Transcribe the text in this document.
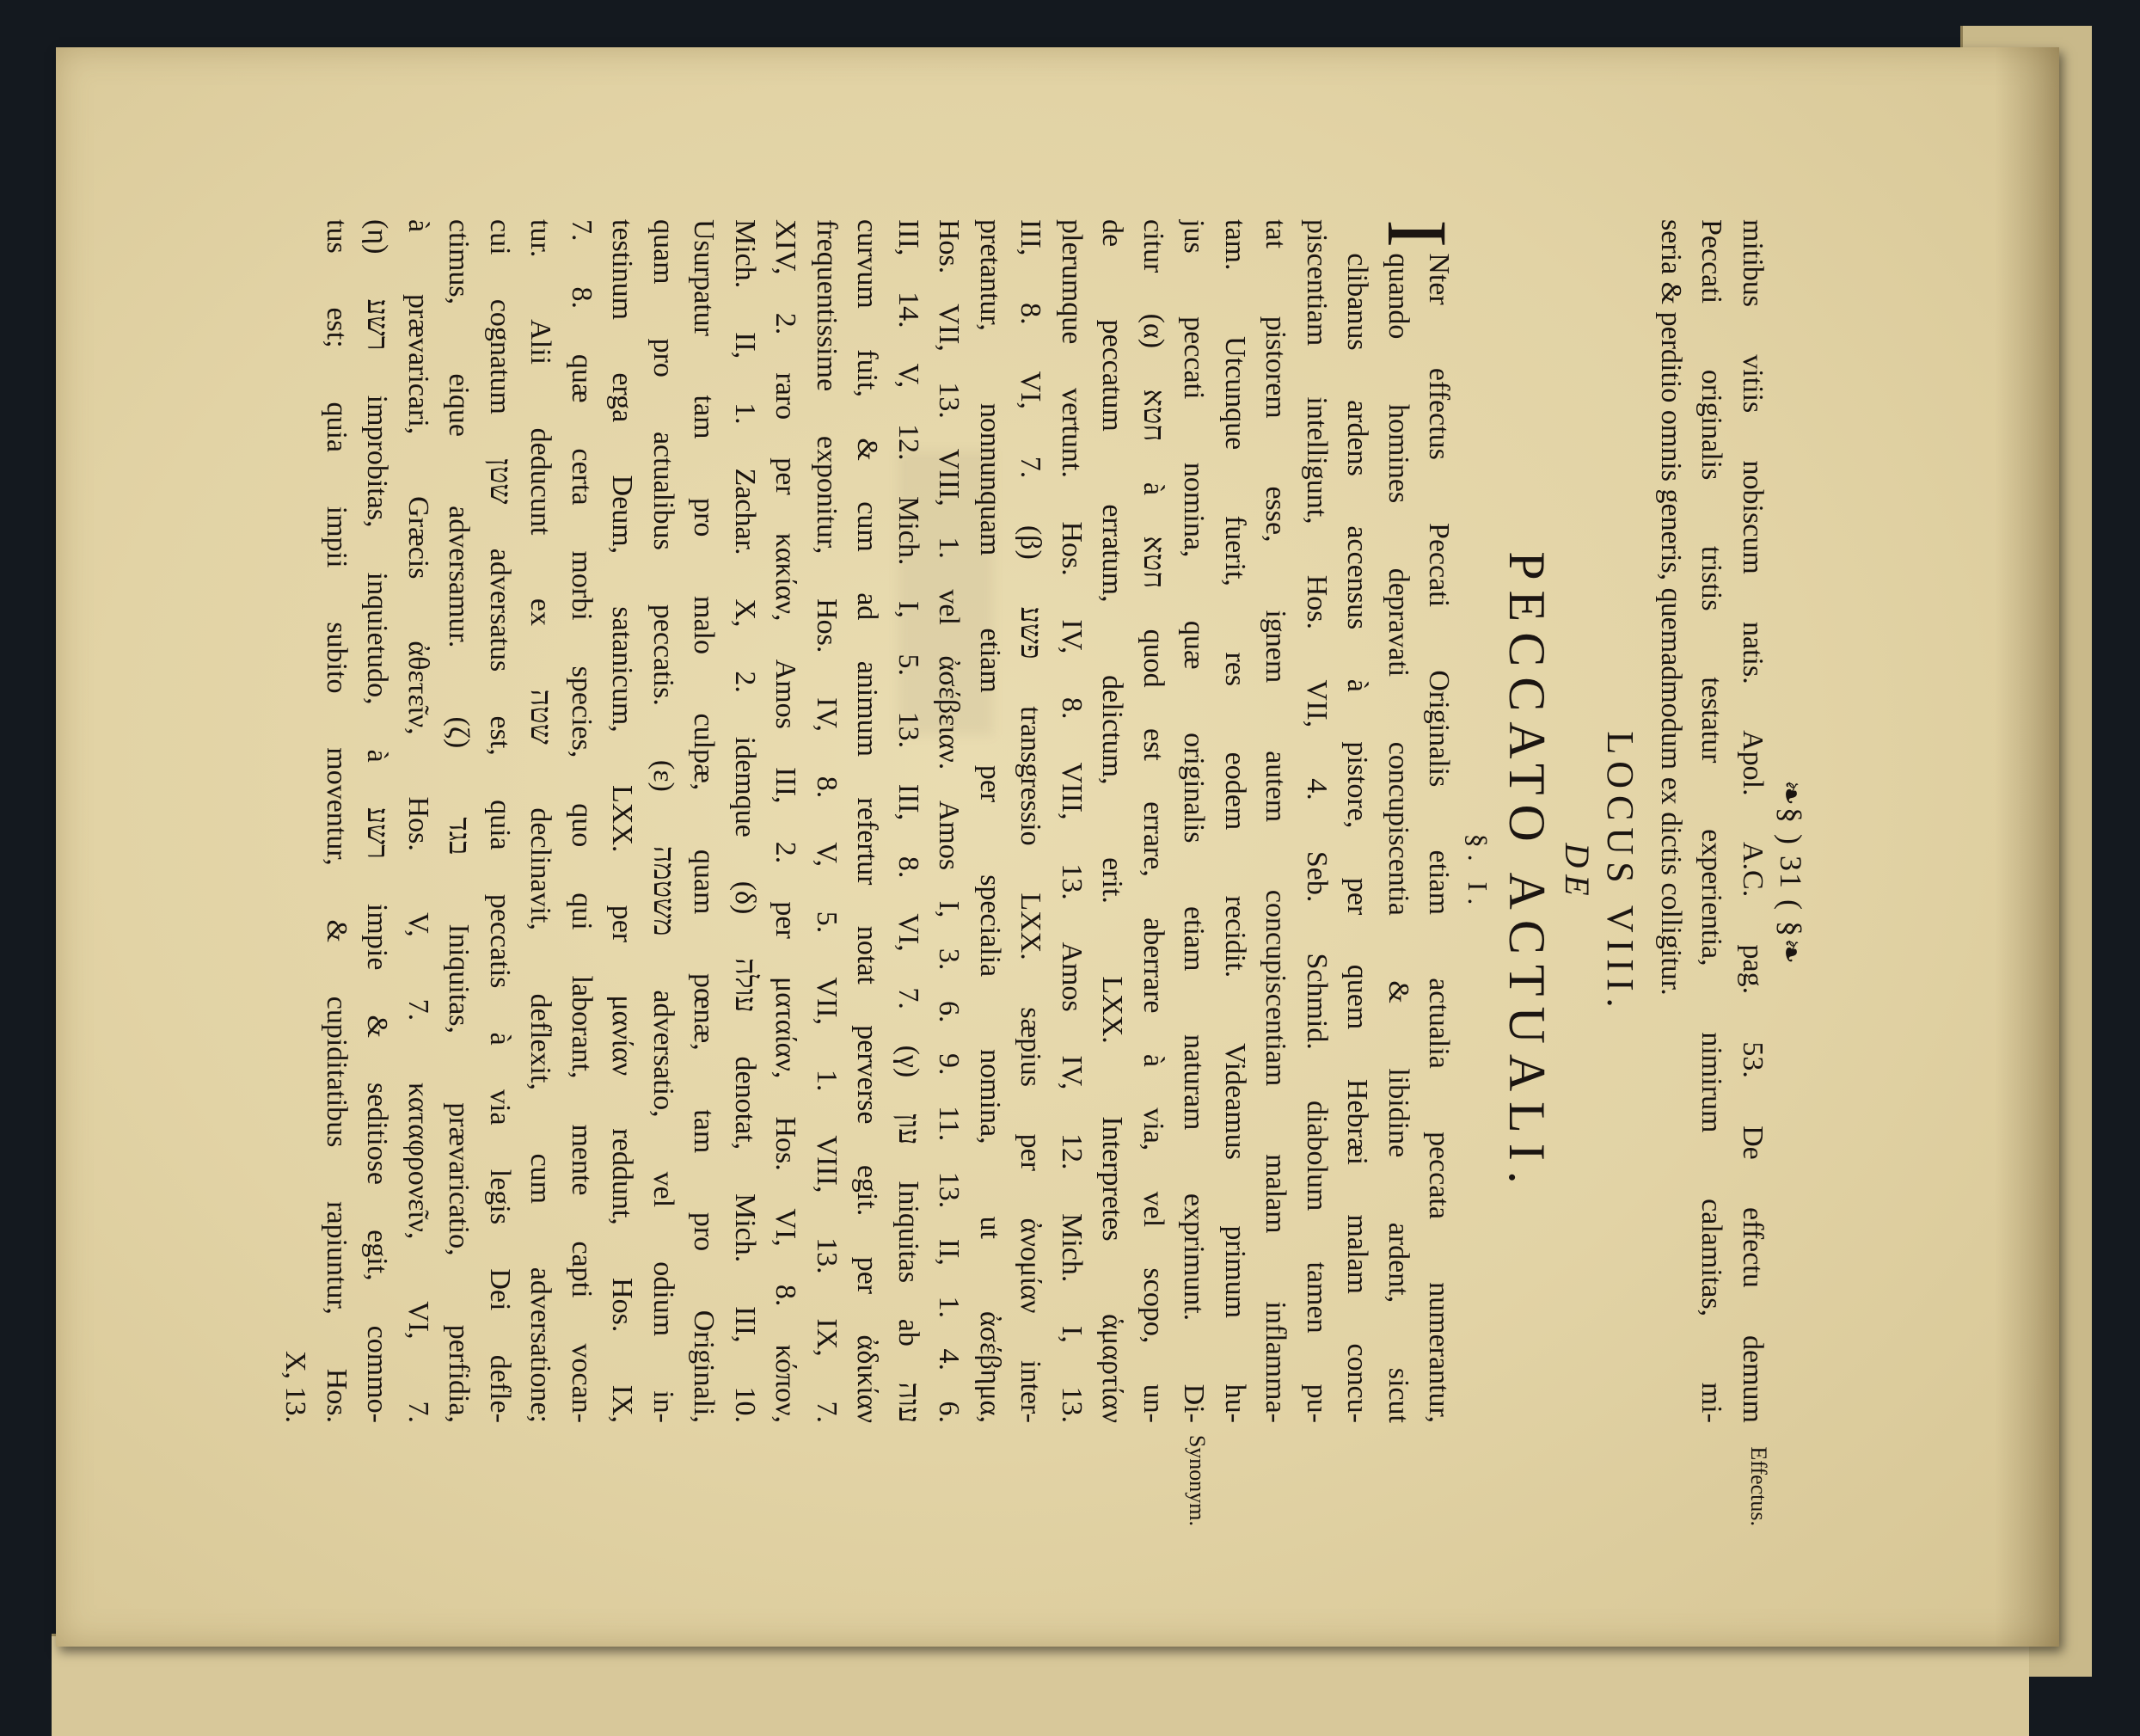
❧§ ) 31 ( §❧
mitibus vitiis nobiscum natis. Apol. A.C. pag. 53. De effectu demum
Peccati originalis tristis testatur experientia, nimirum calamitas, mi-
seria & perditio omnis generis, quemadmodum ex dictis colligitur.
Effectus.
LOCUS VIII.
DE
PECCATO ACTUALI.
§. I.
I
Synonym.
Nter effectus Peccati Originalis etiam actualia peccata numerantur,
quando homines depravati concupiscentia & libidine ardent, sicut
clibanus ardens accensus à pistore, per quem Hebræi malam concu-
piscentiam intelligunt, Hos. VII, 4. Seb. Schmid. diabolum tamen pu-
tat pistorem esse, ignem autem concupiscentiam malam inflamma-
tam. Utcunque fuerit, res eodem recidit. Videamus primum hu-
jus peccati nomina, quæ originalis etiam naturam exprimunt. Di-
citur (α) חטא à חטא quod est errare, aberrare à via, vel scopo, un-
de peccatum erratum, delictum, erit. LXX. Interpretes ἁμαρτίαν
plerumque vertunt. Hos. IV, 8. VIII, 13. Amos IV, 12. Mich. I, 13.
III, 8. VI, 7. (β) פשע transgressio LXX. sæpius per ἀνομίαν inter-
pretantur, nonnunquam etiam per specialia nomina, ut ἀσέβημα,
Hos. VII, 13. VIII, 1. vel ἀσέβειαν. Amos I, 3. 6. 9. 11. 13. II, 1. 4. 6.
III, 14. V, 12. Mich. I, 5. 13. III, 8. VI, 7. (γ) עון Iniquitas ab עוה
curvum fuit, & cum ad animum refertur notat perverse egit. per ἀδικίαν
frequentissime exponitur, Hos. IV, 8. V, 5. VII, 1. VIII, 13. IX, 7.
XIV, 2. raro per κακίαν, Amos III, 2. per ματαίαν, Hos. VI, 8. κόπον,
Mich. II, 1. Zachar. X, 2. idemque (δ) עולה denotat, Mich. III, 10.
Usurpatur tam pro malo culpæ, quam pœnæ, tam pro Originali,
quam pro actualibus peccatis. (ε) משטמה adversatio, vel odium in-
testinum erga Deum, satanicum, LXX. per μανίαν reddunt, Hos. IX,
7. 8. quæ certa morbi species, quo qui laborant, mente capti vocan-
tur. Alii deducunt ex שטה declinavit, deflexit, cum adversatione;
cui cognatum שטן adversatus est, quia peccatis à via legis Dei defle-
ctimus, eique adversamur. (ζ) בגד Iniquitas, prævaricatio, perfidia,
à prævaricari, Græcis ἀθετεῖν, Hos. V, 7. καταφρονεῖν, VI, 7.
(η) רשע improbitas, inquietudo, à רשע impie & seditiose egit, commo-
tus est; quia impii subito moventur, & cupiditatibus rapiuntur, Hos.
X, 13.
